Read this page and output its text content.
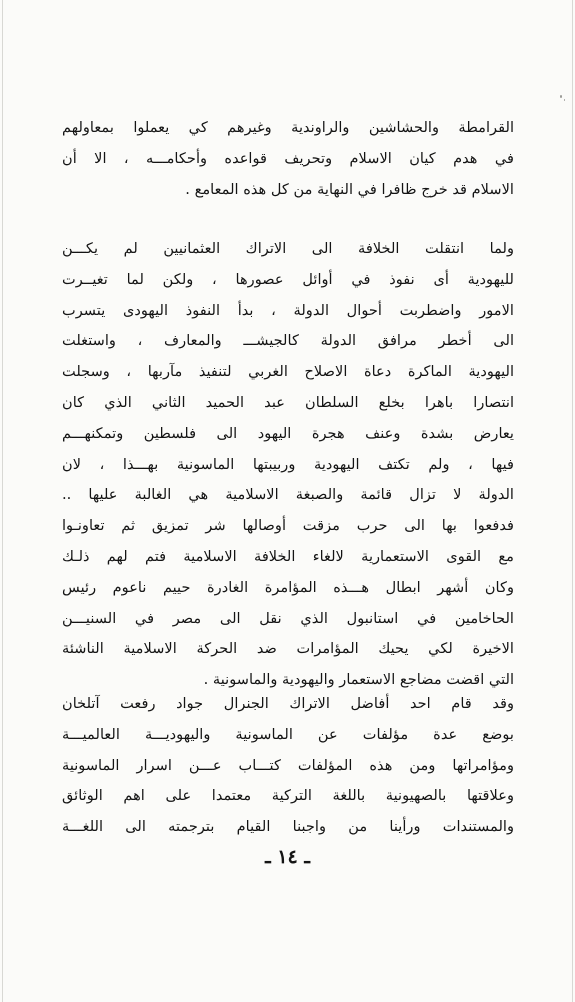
القرامطة والحشاشين والراوندية وغيرهم كي يعملوا بمعاولهم
في هدم كيان الاسلام وتحريف قواعده وأحكامـــه ، الا أن
الاسلام قد خرج ظافرا في النهاية من كل هذه المعامع .
ولما انتقلت الخلافة الى الاتراك العثمانيين لم يكـــن
لليهودية أى نفوذ في أوائل عصورها ، ولكن لما تغيــرت
الامور واضطربت أحوال الدولة ، بدأ النفوذ اليهودى يتسرب
الى أخطر مرافق الدولة كالجيشـــ والمعارف ، واستغلت
اليهودية الماكرة دعاة الاصلاح الغربي لتنفيذ مآربها ، وسجلت
انتصارا باهرا بخلع السلطان عبد الحميد الثاني الذي كان
يعارض بشدة وعنف هجرة اليهود الى فلسطين وتمكنهـــم
فيها ، ولم تكتف اليهودية وربيبتها الماسونية بهـــذا ، لان
الدولة لا تزال قائمة والصبغة الاسلامية هي الغالبة عليها ..
فدفعوا بها الى حرب مزقت أوصالها شر تمزيق ثم تعاونـوا
مع القوى الاستعمارية لالغاء الخلافة الاسلامية فتم لهم ذلـك
وكان أشهر ابطال هـــذه المؤامرة الغادرة حييم ناعوم رئيس
الحاخامين في استانبول الذي نقل الى مصر في السنيـــن
الاخيرة لكي يحيك المؤامرات ضد الحركة الاسلامية الناشئة
التي اقضت مضاجع الاستعمار واليهودية والماسونية .
وقد قام احد أفاضل الاتراك الجنرال جواد رفعت آتلخان
بوضع عدة مؤلفات عن الماسونية واليهوديـــة العالميـــة
ومؤامراتها ومن هذه المؤلفات كتـــاب عـــن اسرار الماسونية
وعلاقتها بالصهيونية باللغة التركية معتمدا على اهم الوثائق
والمستندات ورأينا من واجبنا القيام بترجمته الى اللغـــة
ـ ١٤ ـ
